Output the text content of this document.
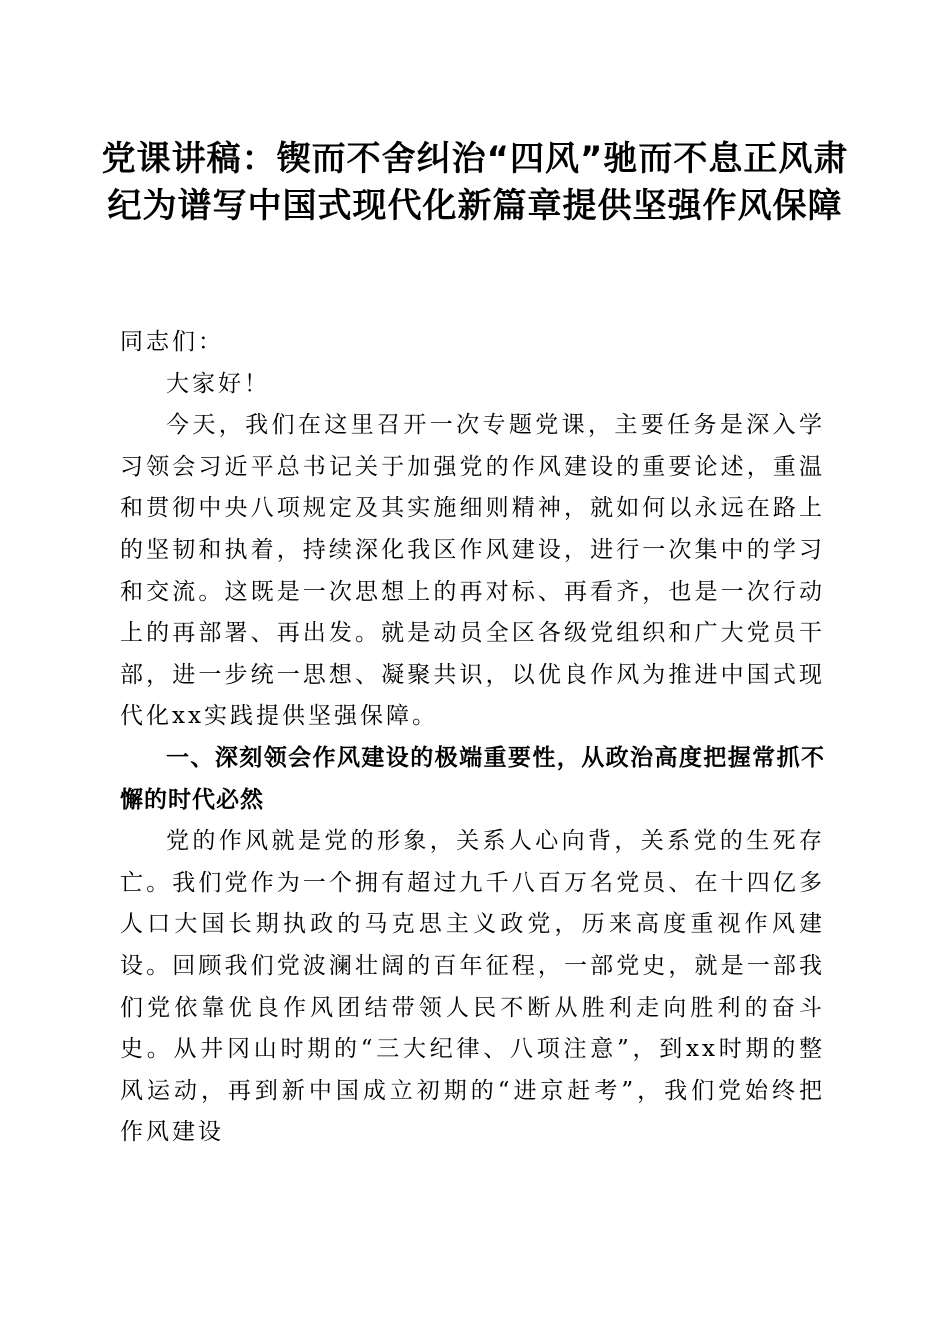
党课讲稿：锲而不舍纠治“四风”驰而不息正风肃纪为谱写中国式现代化新篇章提供坚强作风保障

同志们：

大家好！

今天，我们在这里召开一次专题党课，主要任务是深入学习领会习近平总书记关于加强党的作风建设的重要论述，重温和贯彻中央八项规定及其实施细则精神，就如何以永远在路上的坚韧和执着，持续深化我区作风建设，进行一次集中的学习和交流。这既是一次思想上的再对标、再看齐，也是一次行动上的再部署、再出发。就是动员全区各级党组织和广大党员干部，进一步统一思想、凝聚共识，以优良作风为推进中国式现代化xx实践提供坚强保障。

一、深刻领会作风建设的极端重要性，从政治高度把握常抓不懈的时代必然

党的作风就是党的形象，关系人心向背，关系党的生死存亡。我们党作为一个拥有超过九千八百万名党员、在十四亿多人口大国长期执政的马克思主义政党，历来高度重视作风建设。回顾我们党波澜壮阔的百年征程，一部党史，就是一部我们党依靠优良作风团结带领人民不断从胜利走向胜利的奋斗史。从井冈山时期的“三大纪律、八项注意”，到xx时期的整风运动，再到新中国成立初期的“进京赶考”，我们党始终把作风建设
